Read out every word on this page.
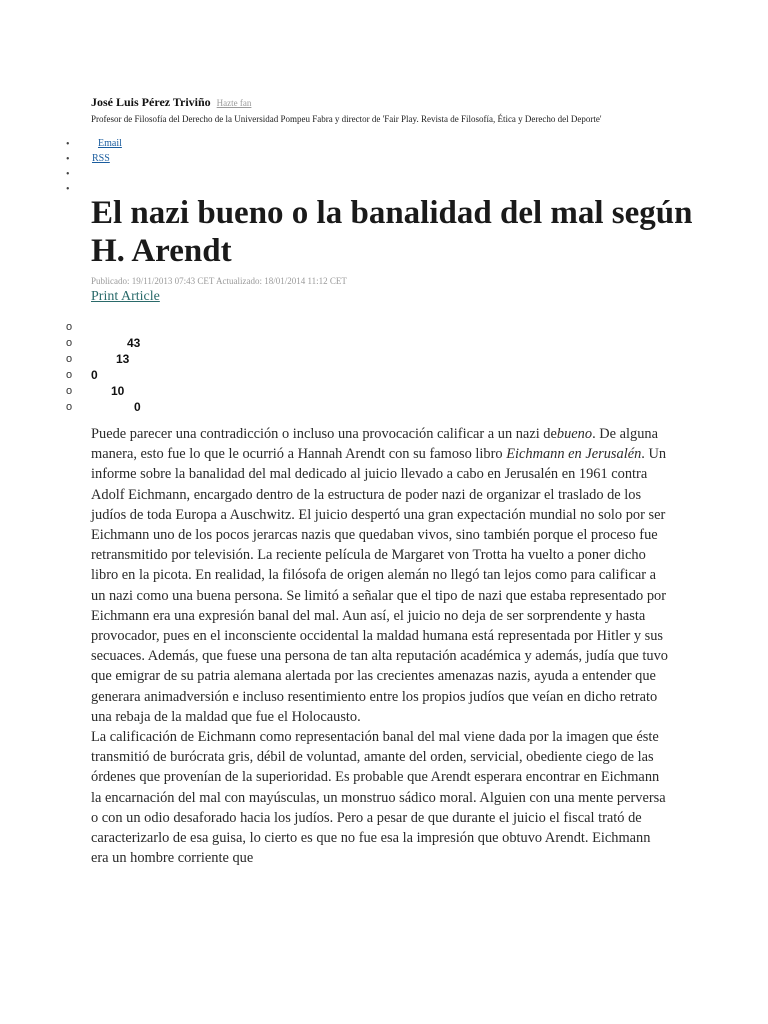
José Luis Pérez Triviño Hazte fan
Profesor de Filosofía del Derecho de la Universidad Pompeu Fabra y director de 'Fair Play. Revista de Filosofía, Ética y Derecho del Deporte'
•	Email
• RSS
•
•
El nazi bueno o la banalidad del mal según H. Arendt
Publicado: 19/11/2013 07:43 CET Actualizado: 18/01/2014 11:12 CET
Print Article
o
o	43
o	13
o 0
o	10
o	0

Puede parecer una contradicción o incluso una provocación calificar a un nazi debueno. De alguna manera, esto fue lo que le ocurrió a Hannah Arendt con su famoso libro Eichmann en Jerusalén. Un informe sobre la banalidad del mal dedicado al juicio llevado a cabo en Jerusalén en 1961 contra Adolf Eichmann, encargado dentro de la estructura de poder nazi de organizar el traslado de los judíos de toda Europa a Auschwitz. El juicio despertó una gran expectación mundial no solo por ser Eichmann uno de los pocos jerarcas nazis que quedaban vivos, sino también porque el proceso fue retransmitido por televisión. La reciente película de Margaret von Trotta ha vuelto a poner dicho libro en la picota. En realidad, la filósofa de origen alemán no llegó tan lejos como para calificar a un nazi como una buena persona. Se limitó a señalar que el tipo de nazi que estaba representado por Eichmann era una expresión banal del mal. Aun así, el juicio no deja de ser sorprendente y hasta provocador, pues en el inconsciente occidental la maldad humana está representada por Hitler y sus secuaces. Además, que fuese una persona de tan alta reputación académica y además, judía que tuvo que emigrar de su patria alemana alertada por las crecientes amenazas nazis, ayuda a entender que generara animadversión e incluso resentimiento entre los propios judíos que veían en dicho retrato una rebaja de la maldad que fue el Holocausto.

La calificación de Eichmann como representación banal del mal viene dada por la imagen que éste transmitió de burócrata gris, débil de voluntad, amante del orden, servicial, obediente ciego de las órdenes que provenían de la superioridad. Es probable que Arendt esperara encontrar en Eichmann la encarnación del mal con mayúsculas, un monstruo sádico moral. Alguien con una mente perversa o con un odio desaforado hacia los judíos. Pero a pesar de que durante el juicio el fiscal trató de caracterizarlo de esa guisa, lo cierto es que no fue esa la impresión que obtuvo Arendt. Eichmann era un hombre corriente que
